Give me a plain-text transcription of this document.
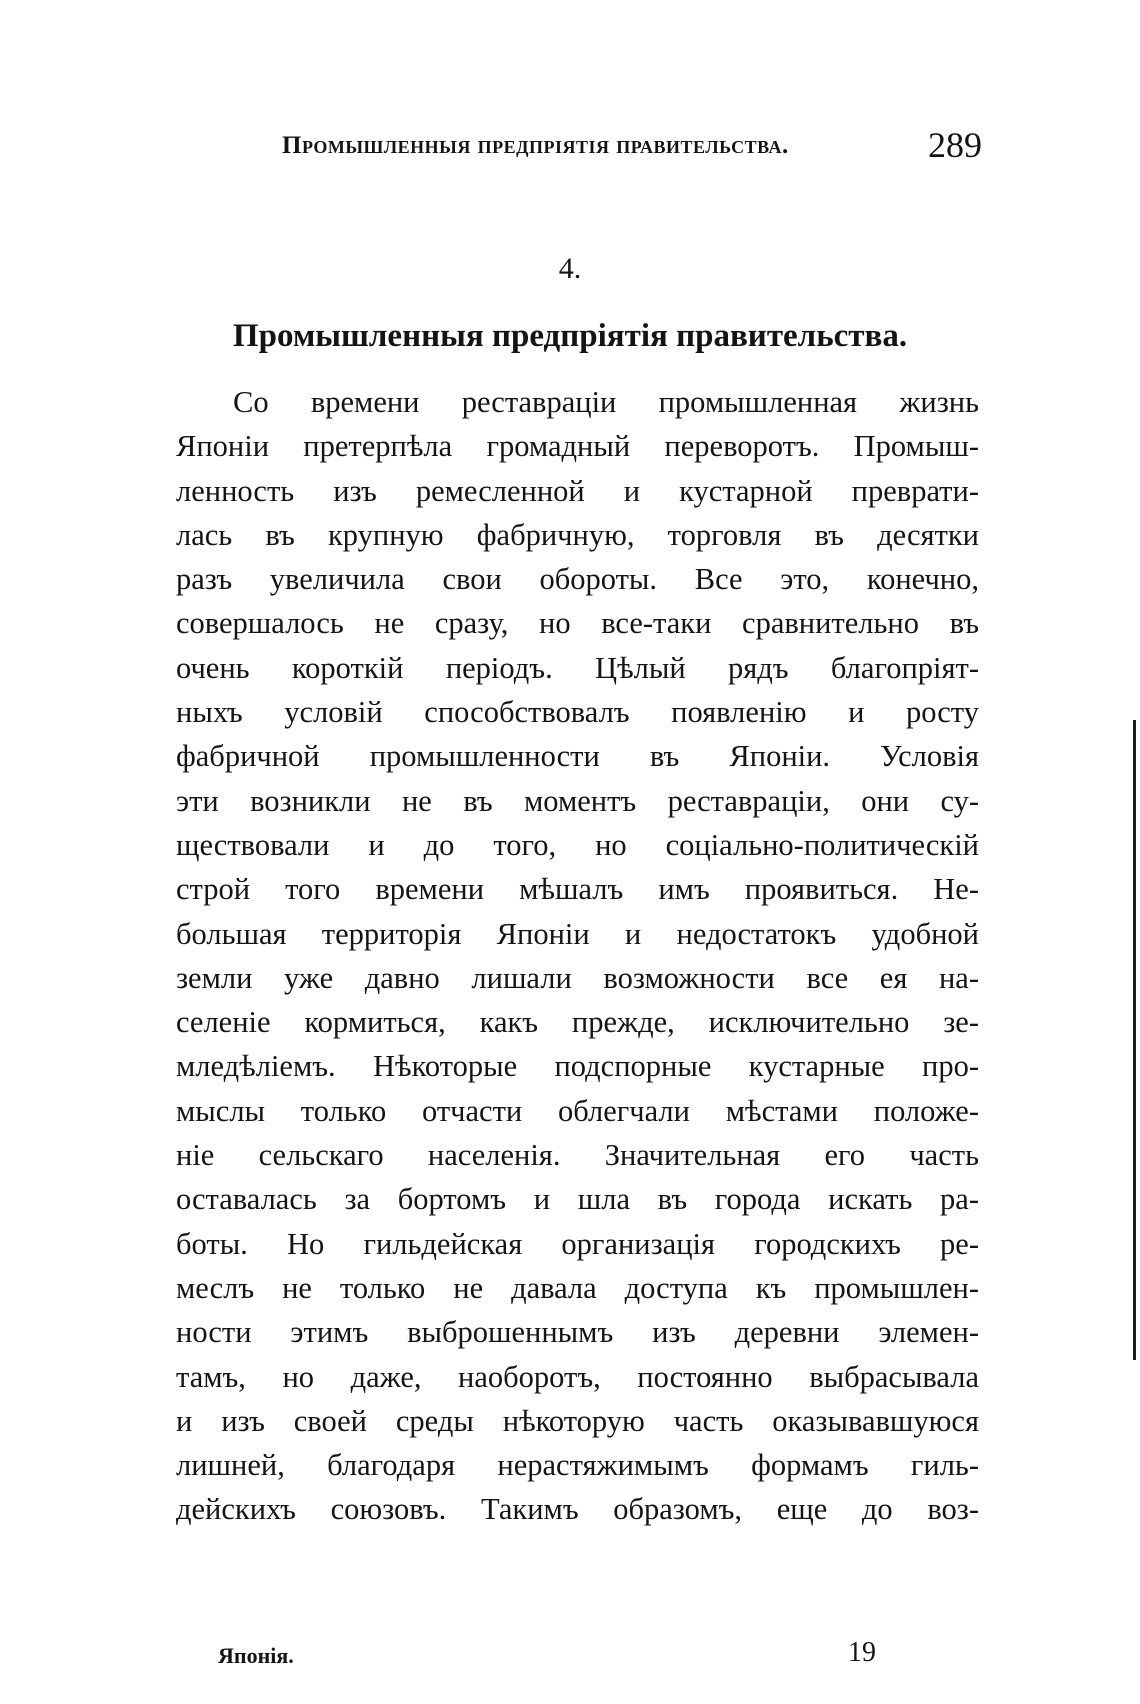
Промышленныя предпріятія правительства.	289
4.
Промышленныя предпріятія правительства.
Со времени реставраціи промышленная жизнь
Японіи претерпѣла громадный переворотъ. Промыш-
ленность изъ ремесленной и кустарной преврати-
лась въ крупную фабричную, торговля въ десятки
разъ увеличила свои обороты. Все это, конечно,
совершалось не сразу, но все-таки сравнительно въ
очень короткій періодъ. Цѣлый рядъ благопріят-
ныхъ условій способствовалъ появленію и росту
фабричной промышленности въ Японіи. Условія
эти возникли не въ моментъ реставраціи, они су-
ществовали и до того, но соціально-политическій
строй того времени мѣшалъ имъ проявиться. Не-
большая территорія Японіи и недостатокъ удобной
земли уже давно лишали возможности все ея на-
селеніе кормиться, какъ прежде, исключительно зе-
мледѣліемъ. Нѣкоторые подспорные кустарные про-
мыслы только отчасти облегчали мѣстами положе-
ніе сельскаго населенія. Значительная его часть
оставалась за бортомъ и шла въ города искать ра-
боты. Но гильдейская организація городскихъ ре-
меслъ не только не давала доступа къ промышлен-
ности этимъ выброшеннымъ изъ деревни элемен-
тамъ, но даже, наоборотъ, постоянно выбрасывала
и изъ своей среды нѣкоторую часть оказывавшуюся
лишней, благодаря нерастяжимымъ формамъ гиль-
дейскихъ союзовъ. Такимъ образомъ, еще до воз-
Японія.	19
